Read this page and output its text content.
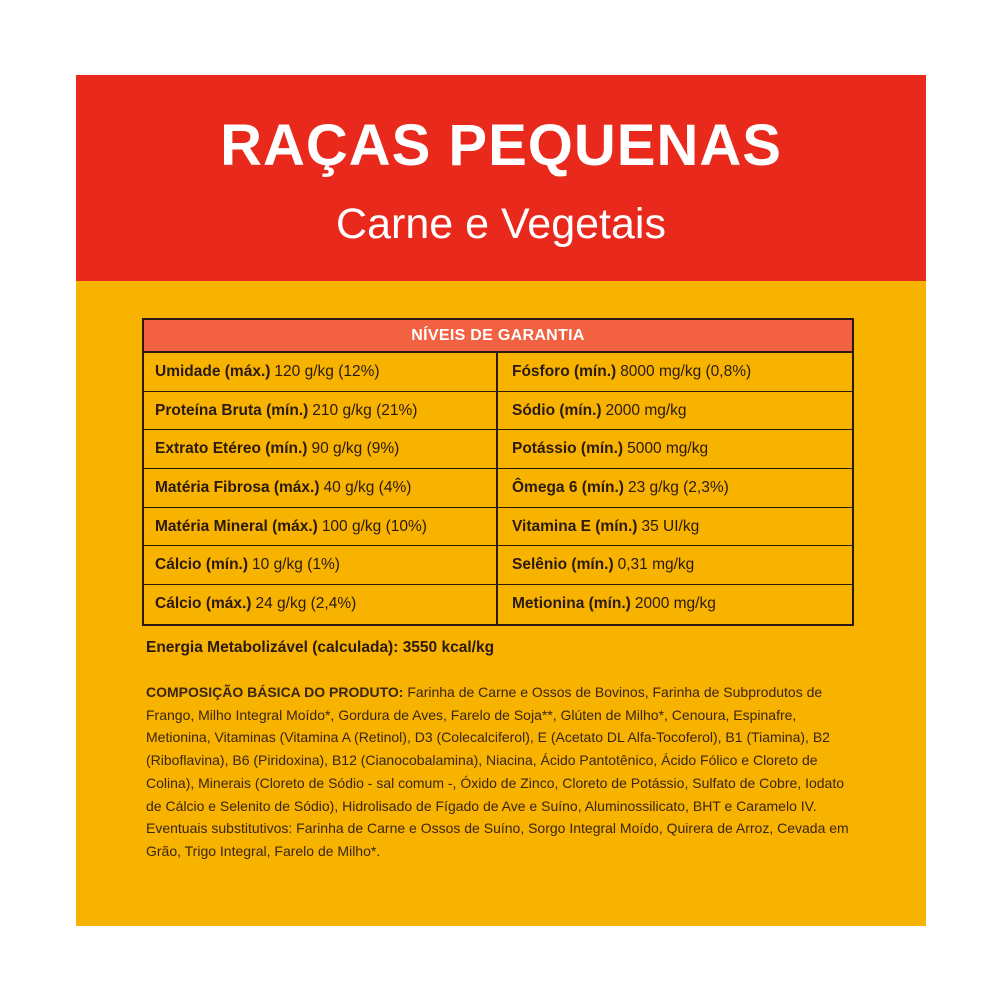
RAÇAS PEQUENAS
Carne e Vegetais
NÍVEIS DE GARANTIA
Umidade (máx.) 120 g/kg (12%)
Proteína Bruta (mín.) 210 g/kg (21%)
Extrato Etéreo (mín.) 90 g/kg (9%)
Matéria Fibrosa (máx.) 40 g/kg (4%)
Matéria Mineral (máx.) 100 g/kg (10%)
Cálcio (mín.) 10 g/kg (1%)
Cálcio (máx.) 24 g/kg (2,4%)
Fósforo (mín.) 8000 mg/kg (0,8%)
Sódio (mín.) 2000 mg/kg
Potássio (mín.) 5000 mg/kg
Ômega 6 (mín.) 23 g/kg (2,3%)
Vitamina E (mín.) 35 UI/kg
Selênio (mín.) 0,31 mg/kg
Metionina (mín.) 2000 mg/kg
Energia Metabolizável (calculada): 3550 kcal/kg
COMPOSIÇÃO BÁSICA DO PRODUTO: Farinha de Carne e Ossos de Bovinos, Farinha de Subprodutos de Frango, Milho Integral Moído*, Gordura de Aves, Farelo de Soja**, Glúten de Milho*, Cenoura, Espinafre, Metionina, Vitaminas (Vitamina A (Retinol), D3 (Colecalciferol), E (Acetato DL Alfa-Tocoferol), B1 (Tiamina), B2 (Riboflavina), B6 (Piridoxina), B12 (Cianocobalamina), Niacina, Ácido Pantotênico, Ácido Fólico e Cloreto de Colina), Minerais (Cloreto de Sódio - sal comum -, Óxido de Zinco, Cloreto de Potássio, Sulfato de Cobre, Iodato de Cálcio e Selenito de Sódio), Hidrolisado de Fígado de Ave e Suíno, Aluminossilicato, BHT e Caramelo IV. Eventuais substitutivos: Farinha de Carne e Ossos de Suíno, Sorgo Integral Moído, Quirera de Arroz, Cevada em Grão, Trigo Integral, Farelo de Milho*.
